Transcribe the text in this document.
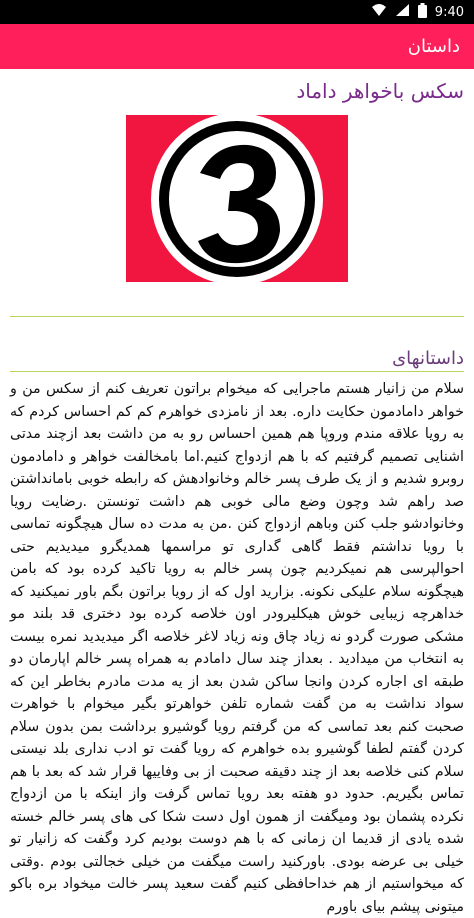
9:40
داستان
سکس باخواهر داماد
داستانهای

سلام من زانیار هستم ماجرایی که میخوام براتون تعریف کنم از سکس من و خواهر دامادمون حکایت داره. بعد از نامزدی خواهرم کم کم احساس کردم که به رویا علاقه مندم وروپا هم همین احساس رو به من داشت بعد ازچند مدتی اشنایی تصمیم گرفتیم که با هم ازدواج کنیم.اما بامخالفت خواهر و دامادمون روبرو شدیم و از یک طرف پسر خالم وخانوادهش که رابطه خوبی بامانداشتن صد راهم شد وچون وضع مالی خوبی هم داشت تونستن .رضایت رویا وخانوادشو جلب کنن وباهم ازدواج کنن .من به مدت ده سال هیچگونه تماسی با رویا نداشتم فقط گاهی گداری تو مراسمها همدیگرو میدیدیم حتی احوالپرسی هم نمیکردیم چون پسر خالم به رویا تاکید کرده بود که بامن هیچگونه سلام علیکی نکونه. بزارید اول که از رویا براتون بگم باور نمیکنید که خداهرچه زیبایی خوش هیکلیرودر اون خلاصه کرده بود دختری قد بلند مو مشکی صورت گردو نه زیاد چاق ونه زیاد لاغر خلاصه اگر میدیدید نمره بیست به انتخاب من میدادید . بعداز چند سال دامادم به همراه پسر خالم اپارمان دو طبقه ای اجاره کردن وانجا ساکن شدن بعد از یه مدت مادرم بخاطر این که سواد نداشت به من گفت شماره تلفن خواهرتو بگیر میخوام با خواهرت صحبت کنم بعد تماسی که من گرفتم رویا گوشیرو برداشت بمن بدون سلام کردن گفتم لطفا گوشیرو بده خواهرم که رویا گفت تو ادب نداری بلد نیستی سلام کنی خلاصه بعد از چند دقیقه صحبت از بی وفاییها قرار شد که بعد با هم تماس بگیریم. حدود دو هفته بعد رویا تماس گرفت واز اینکه با من ازدواج نکرده پشمان بود ومیگفت از همون اول دست شکا کی های پسر خالم خسته شده یادی از قدیما ان زمانی که با هم دوست بودیم کرد وگفت که زانیار تو خیلی بی عرضه بودی. باورکنید راست میگفت من خیلی خجالتی بودم .وقتی که میخواستیم از هم خداحافظی کنیم گفت سعید پسر خالت میخواد بره باکو میتونی پیشم بیای باورم
